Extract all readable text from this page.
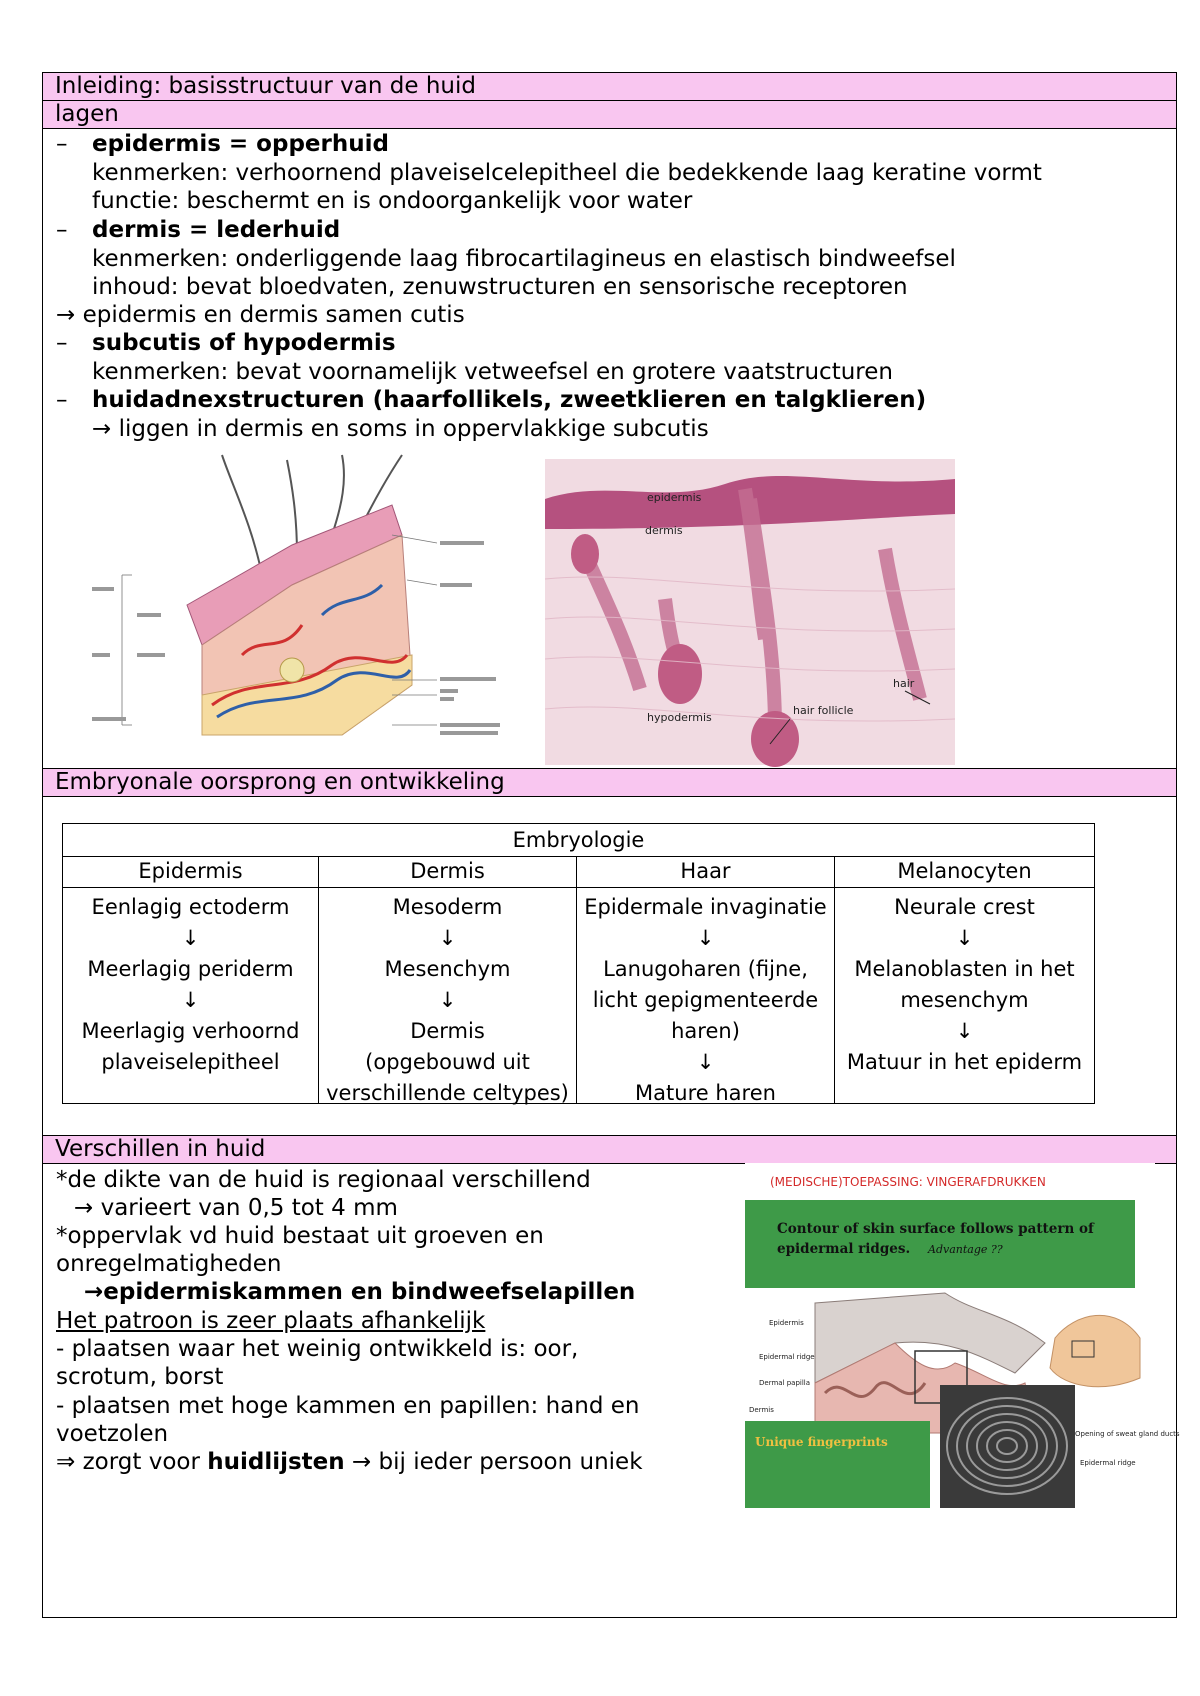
Inleiding: basisstructuur van de huid
lagen
– epidermis = opperhuid
kenmerken: verhoornend plaveiselcelepitheel die bedekkende laag keratine vormt
functie: beschermt en is ondoorgankelijk voor water
– dermis = lederhuid
kenmerken: onderliggende laag fibrocartilagineus en elastisch bindweefsel
inhoud: bevat bloedvaten, zenuwstructuren en sensorische receptoren
→ epidermis en dermis samen cutis
– subcutis of hypodermis
kenmerken: bevat voornamelijk vetweefsel en grotere vaatstructuren
– huidadnexstructuren (haarfollikels, zweetklieren en talgklieren)
→ liggen in dermis en soms in oppervlakkige subcutis
epidermis
dermis
hypodermis
hair follicle
hair
Embryonale oorsprong en ontwikkeling
Embryologie
Epidermis
Eenlagig ectoderm
↓
Meerlagig periderm
↓
Meerlagig verhoornd
plaveiselepitheel
Dermis
Mesoderm
↓
Mesenchym
↓
Dermis
(opgebouwd uit
verschillende celtypes)
Haar
Epidermale invaginatie
↓
Lanugoharen (fijne,
licht gepigmenteerde
haren)
↓
Mature haren
Melanocyten
Neurale crest
↓
Melanoblasten in het
mesenchym
↓
Matuur in het epiderm
Verschillen in huid
*de dikte van de huid is regionaal verschillend
→ varieert van 0,5 tot 4 mm
*oppervlak vd huid bestaat uit groeven en
onregelmatigheden
→epidermiskammen en bindweefselapillen
Het patroon is zeer plaats afhankelijk
- plaatsen waar het weinig ontwikkeld is: oor,
scrotum, borst
- plaatsen met hoge kammen en papillen: hand en
voetzolen
⇒ zorgt voor huidlijsten → bij ieder persoon uniek
(MEDISCHE)TOEPASSING: VINGERAFDRUKKEN
Contour of skin surface follows pattern of
epidermal ridges. Advantage ??
Epidermis
Epidermal ridge
Dermal papilla
Dermis
Opening of sweat gland ducts
Epidermal ridge
Unique fingerprints
